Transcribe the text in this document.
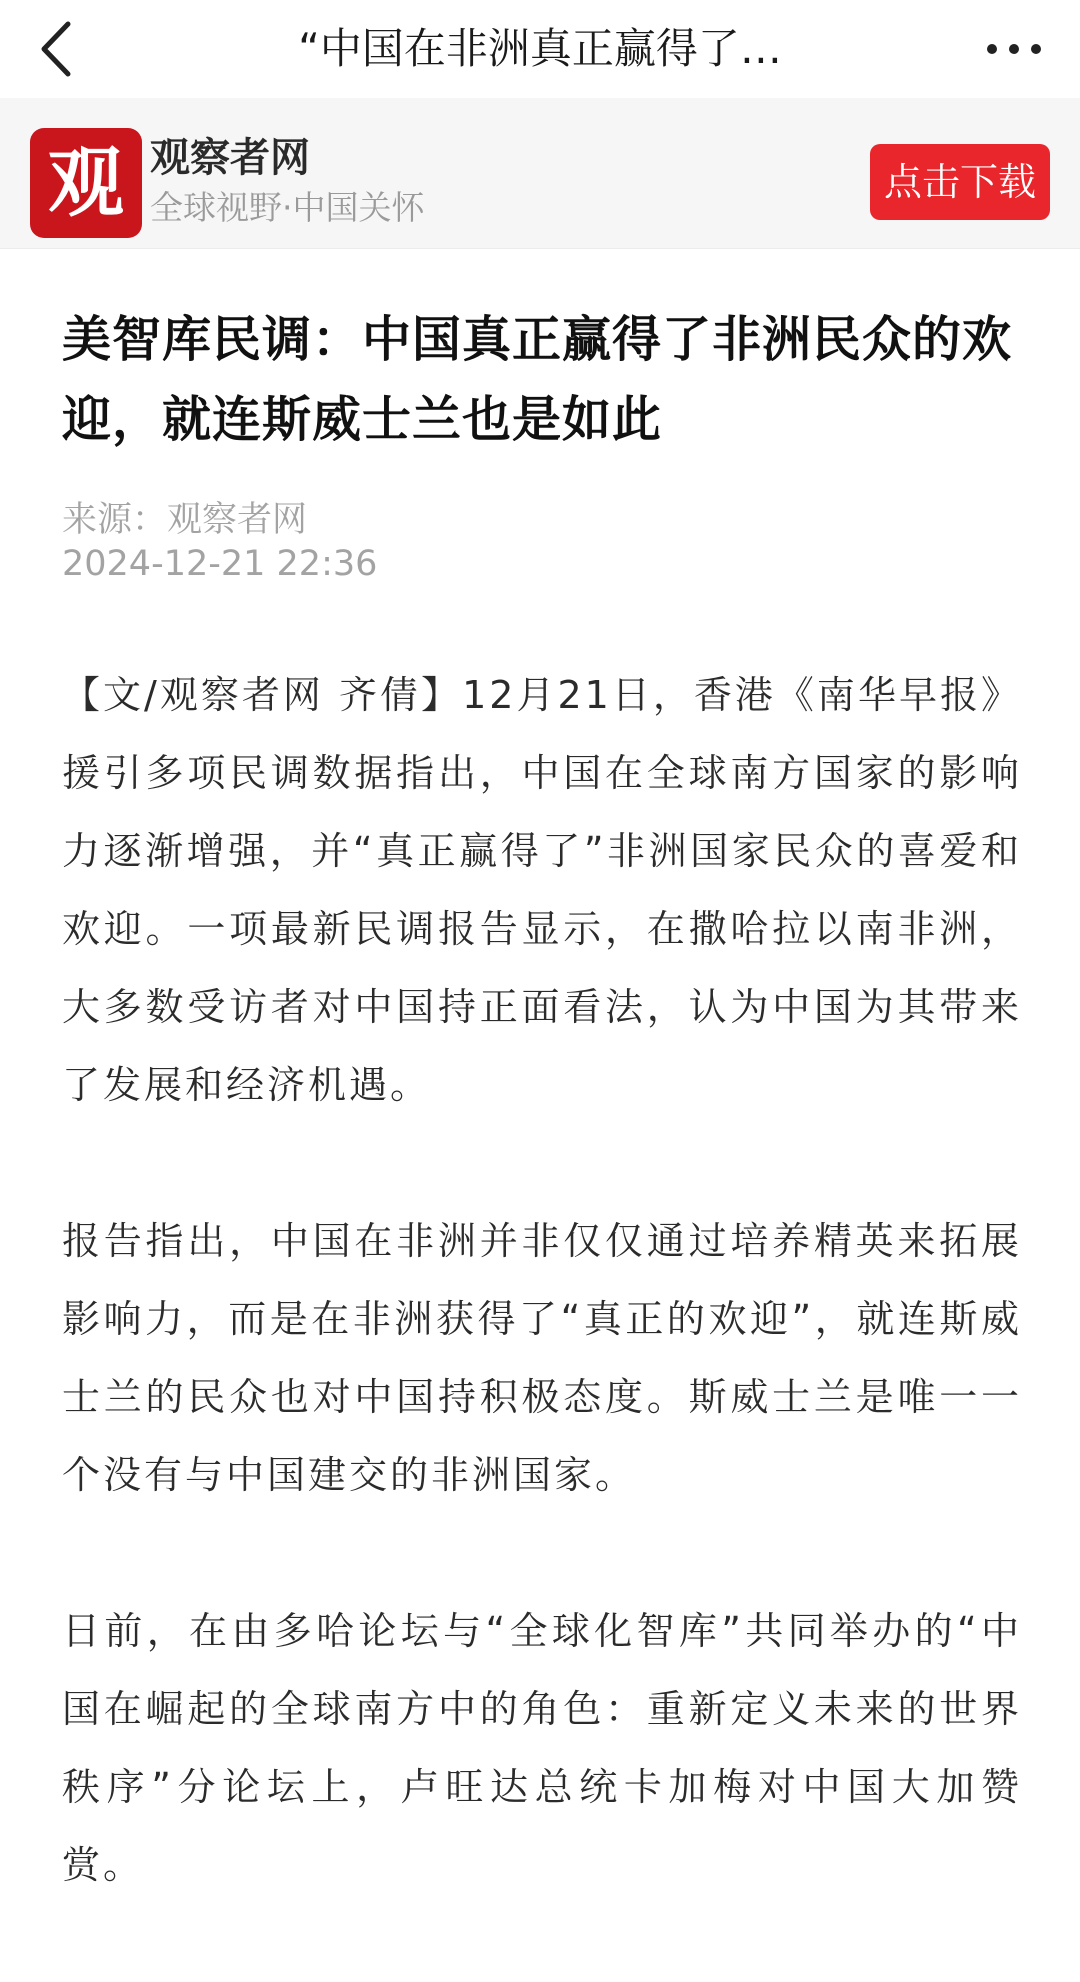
“中国在非洲真正赢得了…
观 观察者网
全球视野·中国关怀
点击下载
美智库民调：中国真正赢得了非洲民众的欢迎，就连斯威士兰也是如此
来源：观察者网
2024-12-21 22:36

【文/观察者网 齐倩】12月21日，香港《南华早报》援引多项民调数据指出，中国在全球南方国家的影响力逐渐增强，并“真正赢得了”非洲国家民众的喜爱和欢迎。一项最新民调报告显示，在撒哈拉以南非洲，大多数受访者对中国持正面看法，认为中国为其带来了发展和经济机遇。

报告指出，中国在非洲并非仅仅通过培养精英来拓展影响力，而是在非洲获得了“真正的欢迎”，就连斯威士兰的民众也对中国持积极态度。斯威士兰是唯一一个没有与中国建交的非洲国家。

日前，在由多哈论坛与“全球化智库”共同举办的“中国在崛起的全球南方中的角色：重新定义未来的世界秩序”分论坛上，卢旺达总统卡加梅对中国大加赞赏。
